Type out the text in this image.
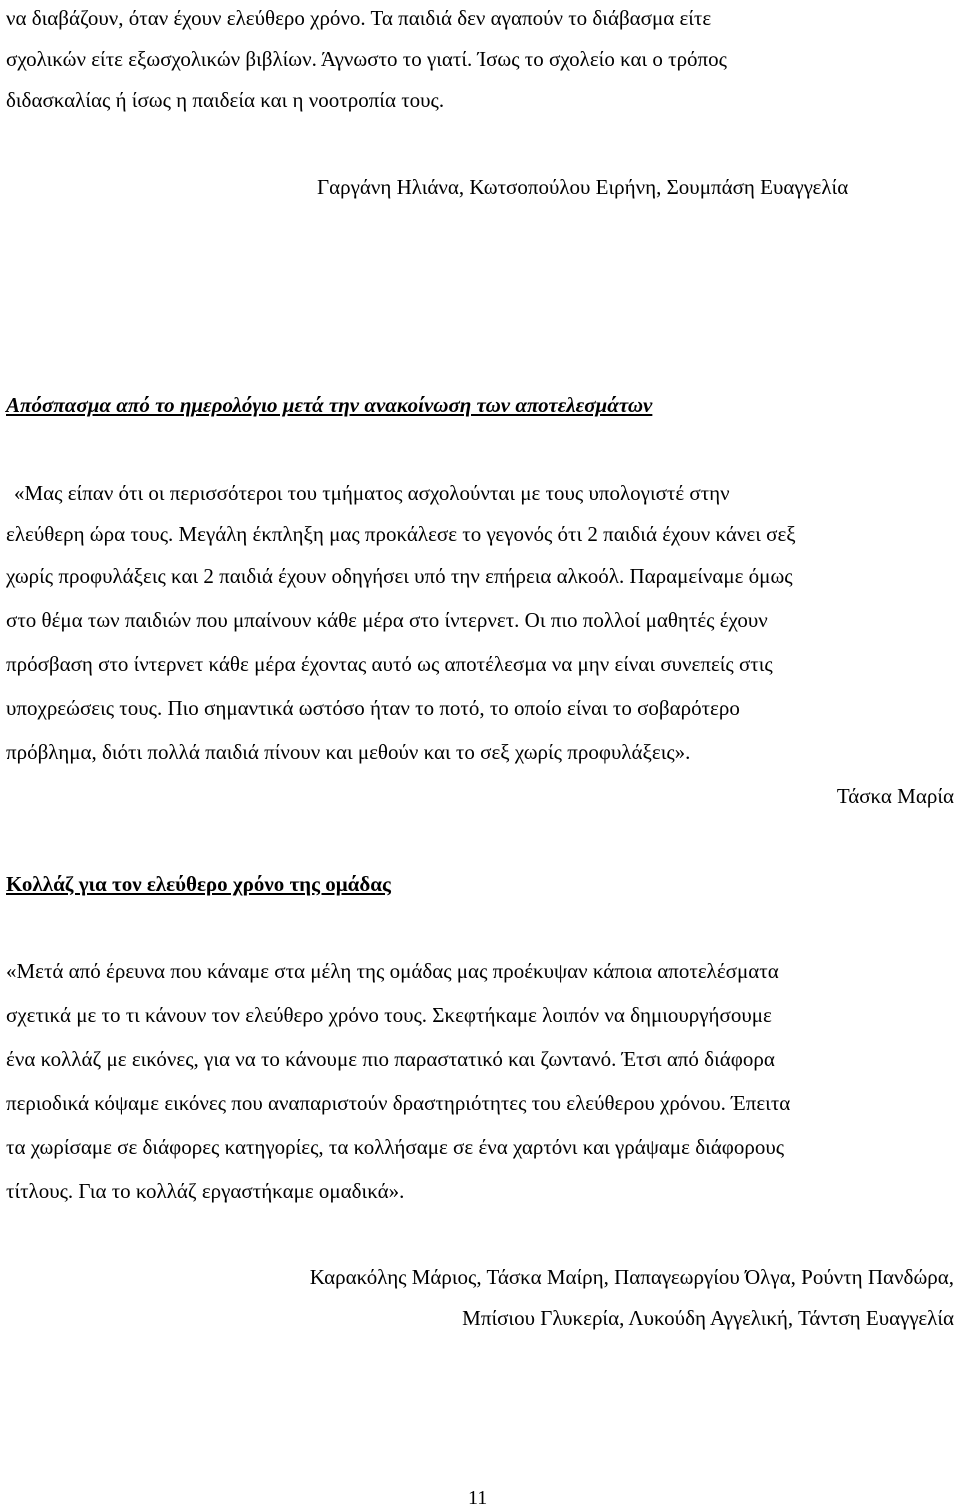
να διαβάζουν, όταν έχουν ελεύθερο χρόνο. Τα παιδιά δεν αγαπούν το διάβασμα είτε
σχολικών είτε εξωσχολικών βιβλίων. Άγνωστο το γιατί. Ίσως το σχολείο και ο τρόπος
διδασκαλίας ή ίσως η παιδεία και η νοοτροπία τους.
Γαργάνη Ηλιάνα, Κωτσοπούλου Ειρήνη, Σουμπάση Ευαγγελία
Απόσπασμα από το ημερολόγιο μετά την ανακοίνωση των αποτελεσμάτων
«Μας είπαν ότι οι περισσότεροι του τμήματος ασχολούνται με τους υπολογιστέ στην
ελεύθερη ώρα τους. Μεγάλη έκπληξη μας προκάλεσε το γεγονός ότι 2 παιδιά έχουν κάνει σεξ
χωρίς προφυλάξεις και 2 παιδιά έχουν οδηγήσει υπό την επήρεια αλκοόλ. Παραμείναμε όμως
στο θέμα των παιδιών που μπαίνουν κάθε μέρα στο ίντερνετ. Οι πιο πολλοί μαθητές έχουν
πρόσβαση στο ίντερνετ κάθε μέρα έχοντας αυτό ως αποτέλεσμα να μην είναι συνεπείς στις
υποχρεώσεις τους. Πιο σημαντικά ωστόσο ήταν το ποτό, το οποίο είναι το σοβαρότερο
πρόβλημα, διότι πολλά παιδιά πίνουν και μεθούν και το σεξ χωρίς προφυλάξεις».
Τάσκα Μαρία
Κολλάζ για τον ελεύθερο χρόνο της ομάδας
«Μετά από έρευνα που κάναμε στα μέλη της ομάδας μας προέκυψαν κάποια αποτελέσματα
σχετικά με το τι κάνουν τον ελεύθερο χρόνο τους. Σκεφτήκαμε λοιπόν να δημιουργήσουμε
ένα κολλάζ με εικόνες, για να το κάνουμε πιο παραστατικό και ζωντανό. Έτσι από διάφορα
περιοδικά κόψαμε εικόνες που αναπαριστούν δραστηριότητες του ελεύθερου χρόνου. Έπειτα
τα χωρίσαμε σε διάφορες κατηγορίες, τα κολλήσαμε σε ένα χαρτόνι και γράψαμε διάφορους
τίτλους. Για το κολλάζ εργαστήκαμε ομαδικά».
Καρακόλης Μάριος, Τάσκα Μαίρη, Παπαγεωργίου Όλγα, Ρούντη Πανδώρα,
Μπίσιου Γλυκερία, Λυκούδη Αγγελική, Τάντση Ευαγγελία
11
